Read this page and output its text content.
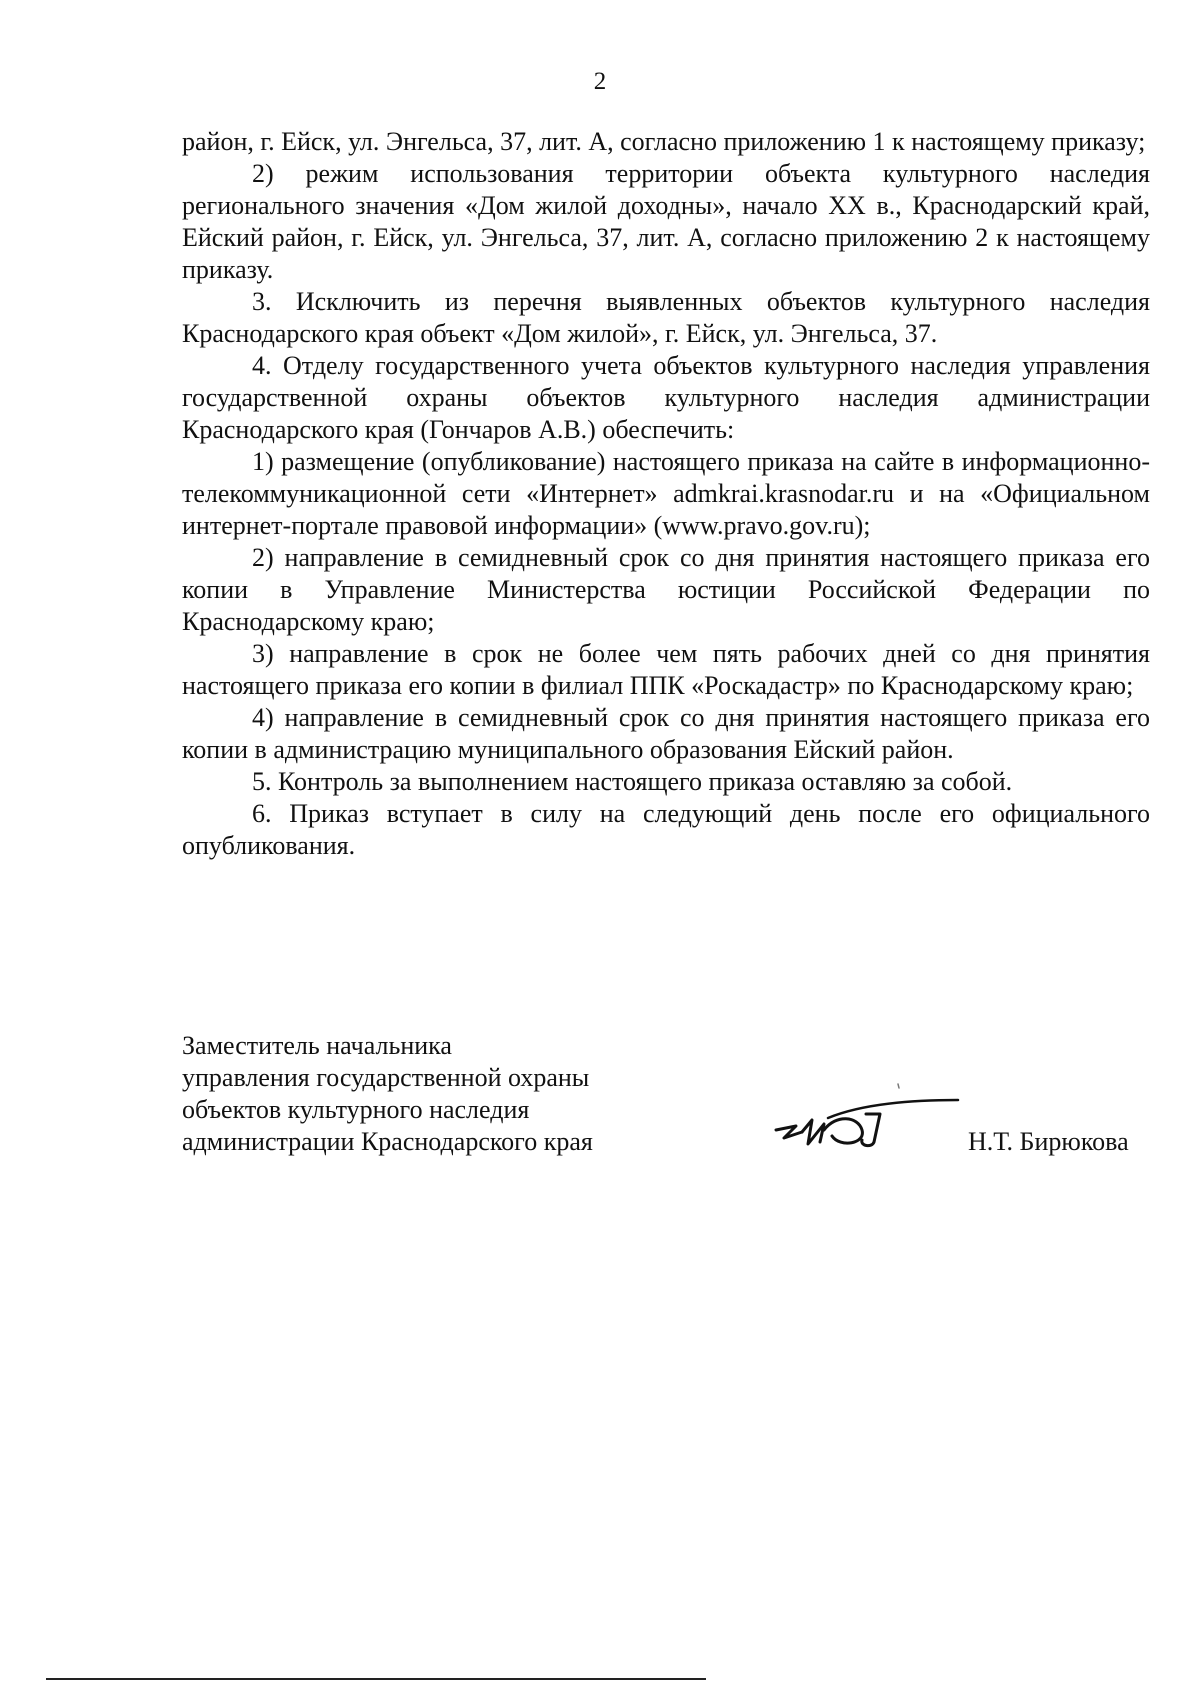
2

район, г. Ейск, ул. Энгельса, 37, лит. А, согласно приложению 1 к настоящему приказу;

2) режим использования территории объекта культурного наследия регионального значения «Дом жилой доходны», начало XX в., Краснодарский край, Ейский район, г. Ейск, ул. Энгельса, 37, лит. А, согласно приложению 2 к настоящему приказу.

3. Исключить из перечня выявленных объектов культурного наследия Краснодарского края объект «Дом жилой», г. Ейск, ул. Энгельса, 37.

4. Отделу государственного учета объектов культурного наследия управления государственной охраны объектов культурного наследия администрации Краснодарского края (Гончаров А.В.) обеспечить:

1) размещение (опубликование) настоящего приказа на сайте в информационно-телекоммуникационной сети «Интернет» admkrai.krasnodar.ru и на «Официальном интернет-портале правовой информации» (www.pravo.gov.ru);

2) направление в семидневный срок со дня принятия настоящего приказа его копии в Управление Министерства юстиции Российской Федерации по Краснодарскому краю;

3) направление в срок не более чем пять рабочих дней со дня принятия настоящего приказа его копии в филиал ППК «Роскадастр» по Краснодарскому краю;

4) направление в семидневный срок со дня принятия настоящего приказа его копии в администрацию муниципального образования Ейский район.

5. Контроль за выполнением настоящего приказа оставляю за собой.

6. Приказ вступает в силу на следующий день после его официального опубликования.

Заместитель начальника
управления государственной охраны
объектов культурного наследия
администрации Краснодарского края	Н.Т. Бирюкова
